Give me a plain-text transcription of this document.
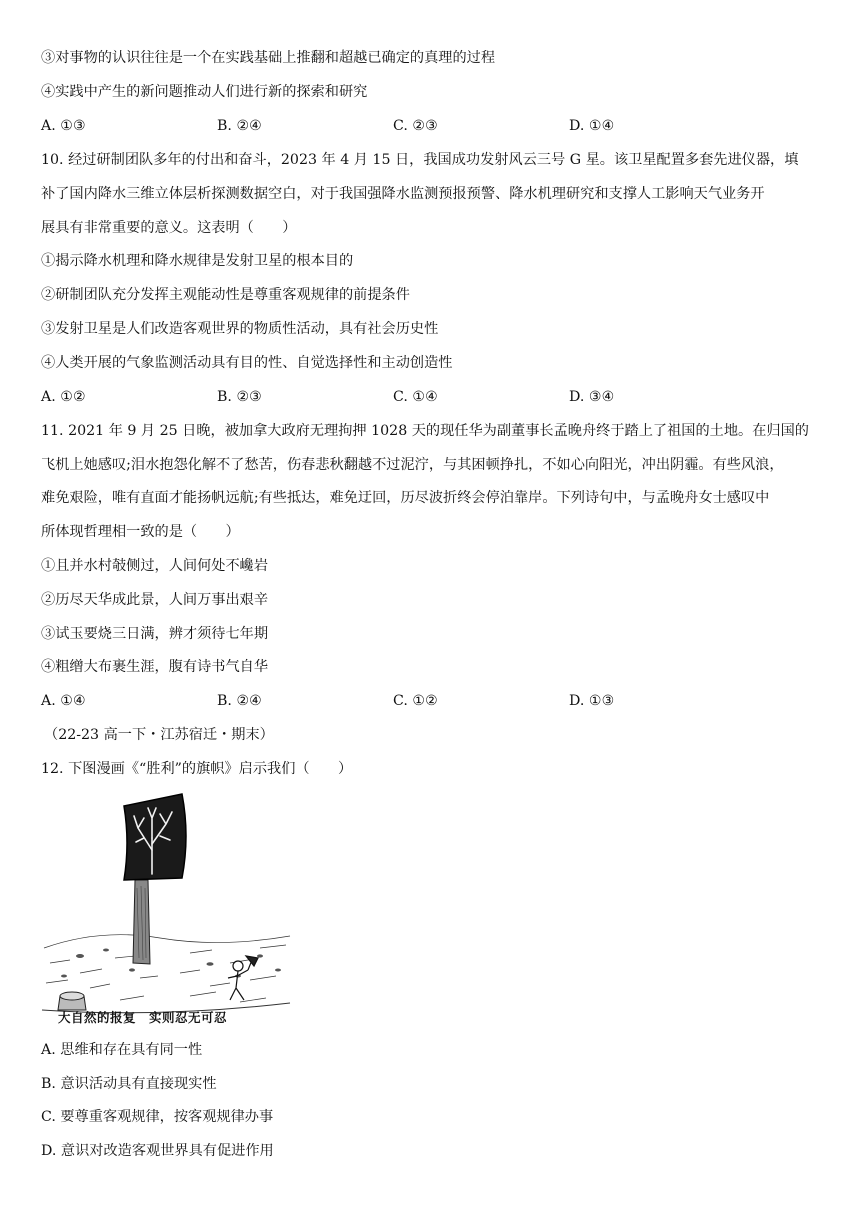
③对事物的认识往往是一个在实践基础上推翻和超越已确定的真理的过程
④实践中产生的新问题推动人们进行新的探索和研究
A. ①③	B. ②④	C. ②③	D. ①④
10. 经过研制团队多年的付出和奋斗，2023 年 4 月 15 日，我国成功发射风云三号 G 星。该卫星配置多套先进仪器，填
补了国内降水三维立体层析探测数据空白，对于我国强降水监测预报预警、降水机理研究和支撑人工影响天气业务开
展具有非常重要的意义。这表明（　　）
①揭示降水机理和降水规律是发射卫星的根本目的
②研制团队充分发挥主观能动性是尊重客观规律的前提条件
③发射卫星是人们改造客观世界的物质性活动，具有社会历史性
④人类开展的气象监测活动具有目的性、自觉选择性和主动创造性
A. ①②	B. ②③	C. ①④	D. ③④
11. 2021 年 9 月 25 日晚，被加拿大政府无理拘押 1028 天的现任华为副董事长孟晚舟终于踏上了祖国的土地。在归国的
飞机上她感叹;泪水抱怨化解不了愁苦，伤春悲秋翻越不过泥泞，与其困顿挣扎，不如心向阳光，冲出阴霾。有些风浪，
难免艰险，唯有直面才能扬帆远航;有些抵达，难免迂回，历尽波折终会停泊靠岸。下列诗句中，与孟晚舟女士感叹中
所体现哲理相一致的是（　　）
①且并水村攲侧过，人间何处不巉岩
②历尽天华成此景，人间万事出艰辛
③试玉要烧三日满，辨才须待七年期
④粗缯大布裹生涯，腹有诗书气自华
A. ①④	B. ②④	C. ①②	D. ①③
（22-23 高一下・江苏宿迁・期末）
12. 下图漫画《“胜利”的旗帜》启示我们（　　）
大自然的报复　实则忍无可忍
A. 思维和存在具有同一性
B. 意识活动具有直接现实性
C. 要尊重客观规律，按客观规律办事
D. 意识对改造客观世界具有促进作用
